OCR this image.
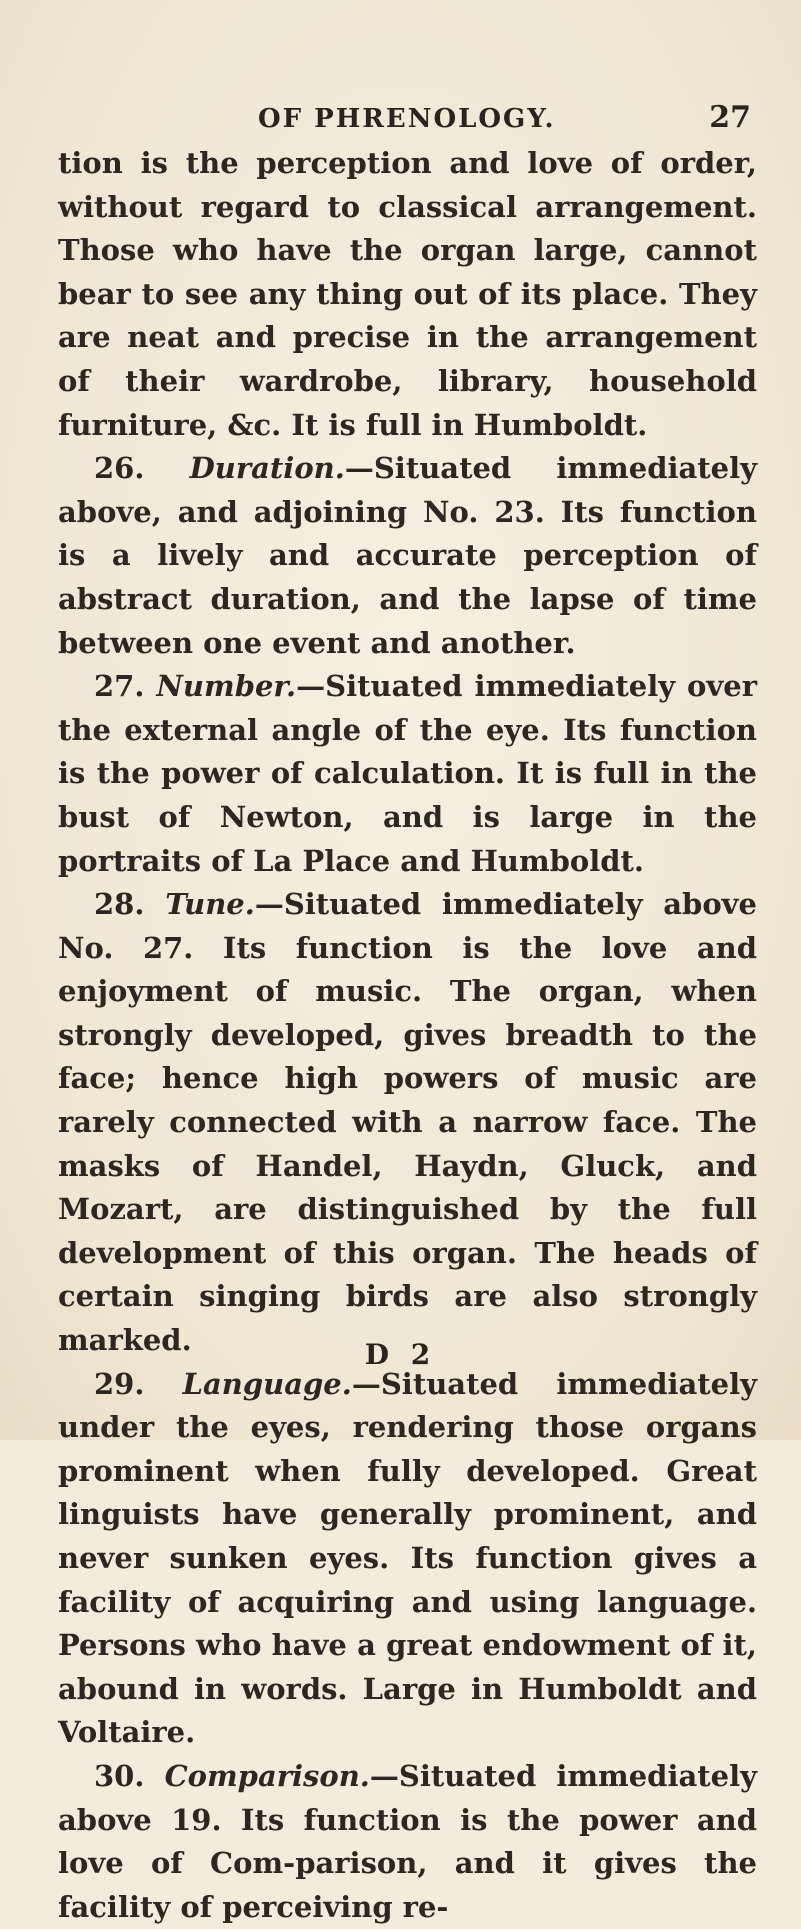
OF PHRENOLOGY.	27

tion is the perception and love of order, without regard to classical arrangement. Those who have the organ large, cannot bear to see any thing out of its place. They are neat and precise in the arrangement of their wardrobe, library, household furniture, &c. It is full in Humboldt.

26. Duration.—Situated immediately above, and adjoining No. 23. Its function is a lively and accurate perception of abstract duration, and the lapse of time between one event and another.

27. Number.—Situated immediately over the external angle of the eye. Its function is the power of calculation. It is full in the bust of Newton, and is large in the portraits of La Place and Humboldt.

28. Tune.—Situated immediately above No. 27. Its function is the love and enjoyment of music. The organ, when strongly developed, gives breadth to the face; hence high powers of music are rarely connected with a narrow face. The masks of Handel, Haydn, Gluck, and Mozart, are distinguished by the full development of this organ. The heads of certain singing birds are also strongly marked.

29. Language.—Situated immediately under the eyes, rendering those organs prominent when fully developed. Great linguists have generally prominent, and never sunken eyes. Its function gives a facility of acquiring and using language. Persons who have a great endowment of it, abound in words. Large in Humboldt and Voltaire.

30. Comparison.—Situated immediately above 19. Its function is the power and love of Com-parison, and it gives the facility of perceiving re-

D 2
